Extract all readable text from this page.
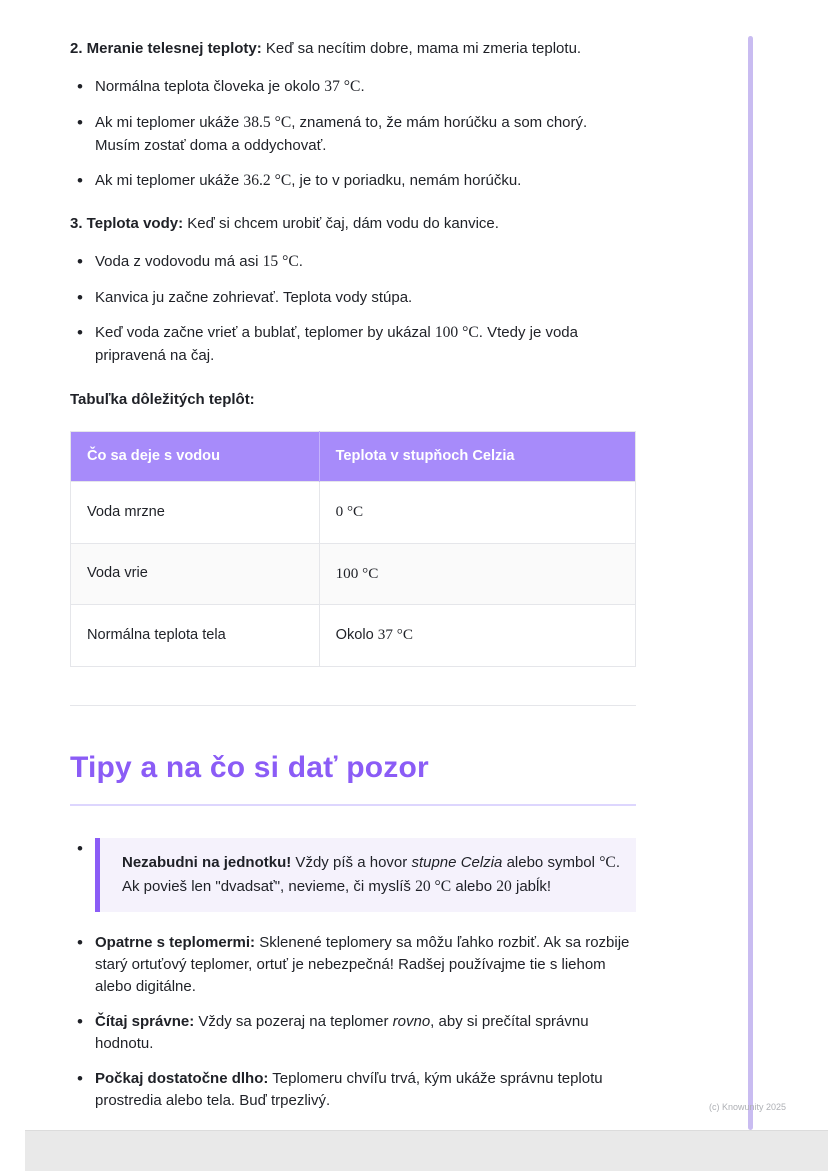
2. Meranie telesnej teploty: Keď sa necítim dobre, mama mi zmeria teplotu.

• Normálna teplota človeka je okolo 37 °C.
• Ak mi teplomer ukáže 38.5 °C, znamená to, že mám horúčku a som chorý. Musím zostať doma a oddychovať.
• Ak mi teplomer ukáže 36.2 °C, je to v poriadku, nemám horúčku.

3. Teplota vody: Keď si chcem urobiť čaj, dám vodu do kanvice.

• Voda z vodovodu má asi 15 °C.
• Kanvica ju začne zohrievať. Teplota vody stúpa.
• Keď voda začne vrieť a bublať, teplomer by ukázal 100 °C. Vtedy je voda pripravená na čaj.

Tabuľka dôležitých teplôt:

Čo sa deje s vodou	Teplota v stupňoch Celzia
Voda mrzne	0 °C
Voda vrie	100 °C
Normálna teplota tela	Okolo 37 °C
Tipy a na čo si dať pozor
• Nezabudni na jednotku! Vždy píš a hovor stupne Celzia alebo symbol °C. Ak povieš len "dvadsať", nevieme, či myslíš 20 °C alebo 20 jabĺk!
• Opatrne s teplomermi: Sklenené teplomery sa môžu ľahko rozbiť. Ak sa rozbije starý ortuťový teplomer, ortuť je nebezpečná! Radšej používajme tie s liehom alebo digitálne.
• Čítaj správne: Vždy sa pozeraj na teplomer rovno, aby si prečítal správnu hodnotu.
• Počkaj dostatočne dlho: Teplomeru chvíľu trvá, kým ukáže správnu teplotu prostredia alebo tela. Buď trpezlivý.	(c) Knowunity 2025
